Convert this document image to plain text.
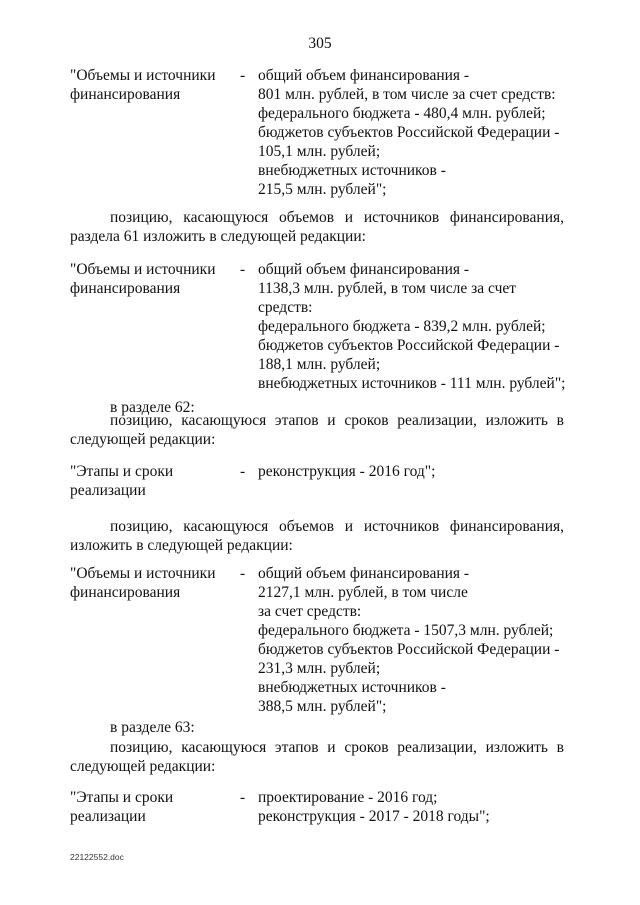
305
"Объемы и источники
финансирования
- общий объем финансирования -
801 млн. рублей, в том числе за счет средств:
федерального бюджета - 480,4 млн. рублей;
бюджетов субъектов Российской Федерации -
105,1 млн. рублей;
внебюджетных источников -
215,5 млн. рублей";
позицию, касающуюся объемов и источников финансирования,
раздела 61 изложить в следующей редакции:
"Объемы и источники
финансирования
- общий объем финансирования -
1138,3 млн. рублей, в том числе за счет
средств:
федерального бюджета - 839,2 млн. рублей;
бюджетов субъектов Российской Федерации -
188,1 млн. рублей;
внебюджетных источников - 111 млн. рублей";
в разделе 62:
позицию, касающуюся этапов и сроков реализации, изложить в
следующей редакции:
"Этапы и сроки
реализации
- реконструкция - 2016 год";
позицию, касающуюся объемов и источников финансирования,
изложить в следующей редакции:
"Объемы и источники
финансирования
- общий объем финансирования -
2127,1 млн. рублей, в том числе
за счет средств:
федерального бюджета - 1507,3 млн. рублей;
бюджетов субъектов Российской Федерации -
231,3 млн. рублей;
внебюджетных источников -
388,5 млн. рублей";
в разделе 63:
позицию, касающуюся этапов и сроков реализации, изложить в
следующей редакции:
"Этапы и сроки
реализации
- проектирование - 2016 год;
реконструкция - 2017 - 2018 годы";
22122552.doc
